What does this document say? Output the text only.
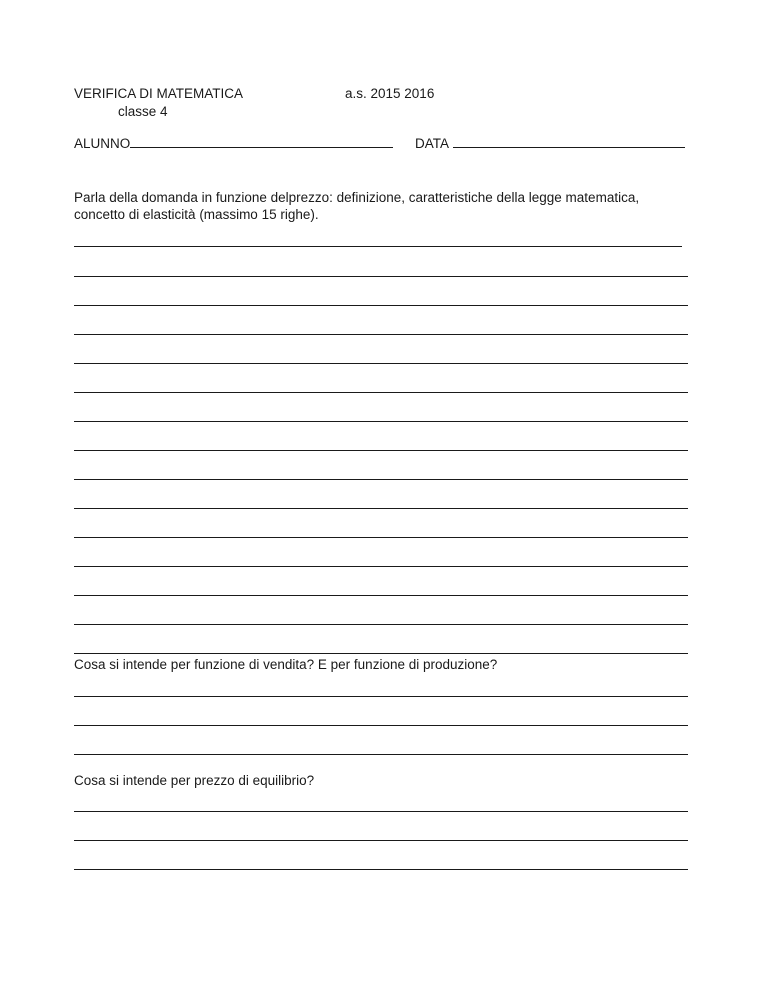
VERIFICA DI MATEMATICA
classe 4
a.s. 2015 2016
ALUNNO	DATA
Parla della domanda in funzione delprezzo: definizione, caratteristiche della legge matematica, concetto di elasticità (massimo 15 righe).
Cosa si intende per funzione di vendita? E per funzione di produzione?
Cosa si intende per prezzo di equilibrio?
